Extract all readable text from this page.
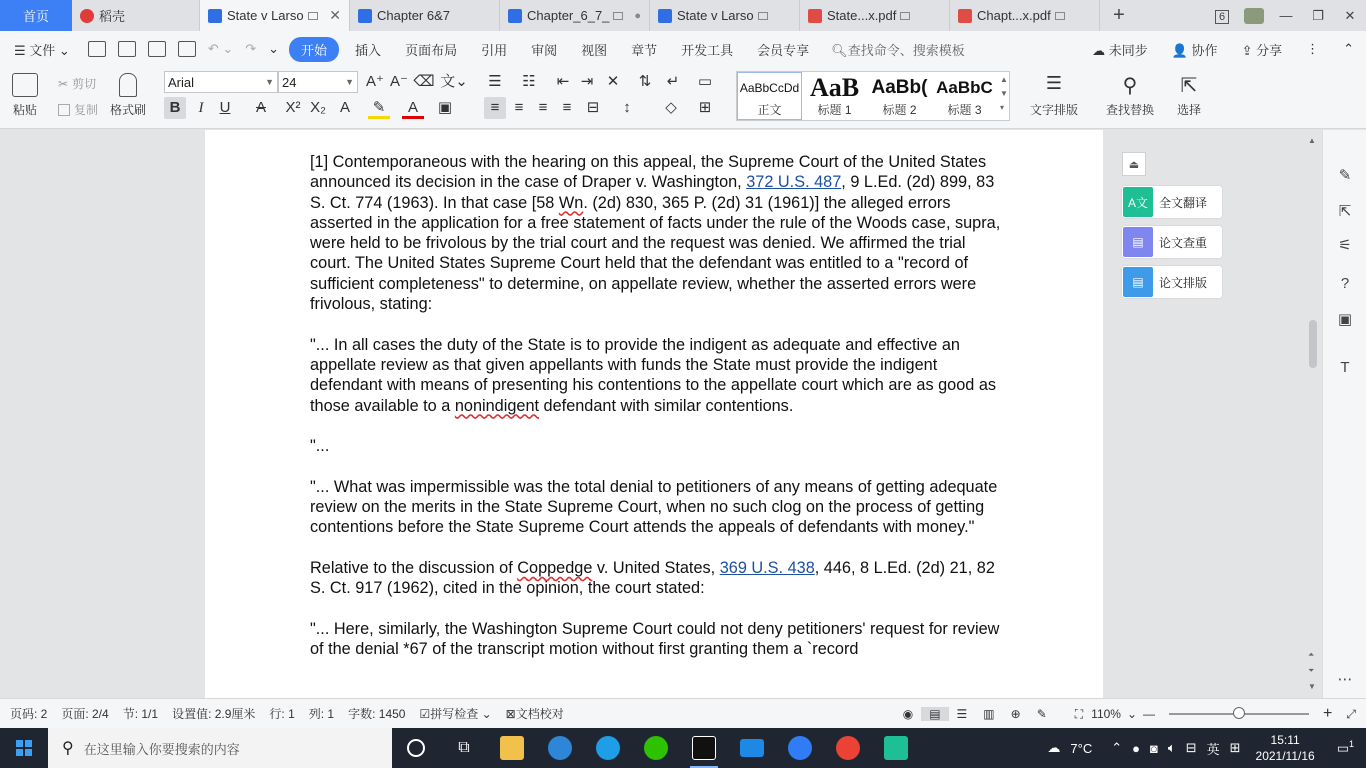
首页	稻壳	State v Larso	✕	Chapter 6&7	Chapter_6_7_ ●	State v Larso	State...x.pdf	Chapt...x.pdf	+	6	—	❐	✕
☰ 文件 ⌄	↶ ⌄ ↷ ⌄	开始	插入	页面布局	引用	审阅	视图	章节	开发工具	会员专享	🔍︎查找命令、搜索模板	☁ 未同步	👤 协作	⇪ 分享	⋮	⌃
粘贴
✂ 剪切
复制 格式刷
Arial	▼ 24	▼ A⁺ A⁻ ⌫ 文⌄
B	I	U	A	X² X₂ A	✎	A	▣
☰ ☷	⇤ ⇥ ✕	⇅	↵	▭
≡	≡	≡	≡	⊟	↕	◇	⊞
AaBbCcDd
正文
AaB
标题 1
AaBb(
标题 2
AaBbC
标题 3
▲
▼
▾
☰
文字排版
⚲
查找替换
⇱
选择

[1] Contemporaneous with the hearing on this appeal, the Supreme Court of the United States announced its decision in the case of Draper v. Washington, 372 U.S. 487, 9 L.Ed. (2d) 899, 83 S. Ct. 774 (1963). In that case [58 Wn. (2d) 830, 365 P. (2d) 31 (1961)] the alleged errors asserted in the application for a free statement of facts under the rule of the Woods case, supra, were held to be frivolous by the trial court and the request was denied. We affirmed the trial court. The United States Supreme Court held that the defendant was entitled to a "record of sufficient completeness" to determine, on appellate review, whether the asserted errors were frivolous, stating:

"... In all cases the duty of the State is to provide the indigent as adequate and effective an appellate review as that given appellants with funds the State must provide the indigent defendant with means of presenting his contentions to the appellate court which are as good as those available to a nonindigent defendant with similar contentions.

"...

"... What was impermissible was the total denial to petitioners of any means of getting adequate review on the merits in the State Supreme Court, when no such clog on the process of getting contentions before the State Supreme Court attends the appeals of defendants with money."

Relative to the discussion of Coppedge v. United States, 369 U.S. 438, 446, 8 L.Ed. (2d) 21, 82 S. Ct. 917 (1962), cited in the opinion, the court stated:

"... Here, similarly, the Washington Supreme Court could not deny petitioners' request for review of the denial *67 of the transcript motion without first granting them a `record

⏏
A文 全文翻译
▤	论文查重
▤	论文排版
▲
⏶
⏷
▼
✎
⇱
⚟
?
▣
T
⋯
页码: 2 页面: 2/4 节: 1/1 设置值: 2.9厘米 行: 1 列: 1 字数: 1450 ☑拼写检查 ⌄ ⊠文档校对	◉	▤	☰	▥	⊕	✎	⛶ 110% ⌄ —	+	⤢
⚲ 在这里输入你要搜索的内容	⧉	☁ 7°C	⌃ ● ◙ 🔈︎ ⊟ 英 ⊞	15:11
2021/11/16
▭$^1$
